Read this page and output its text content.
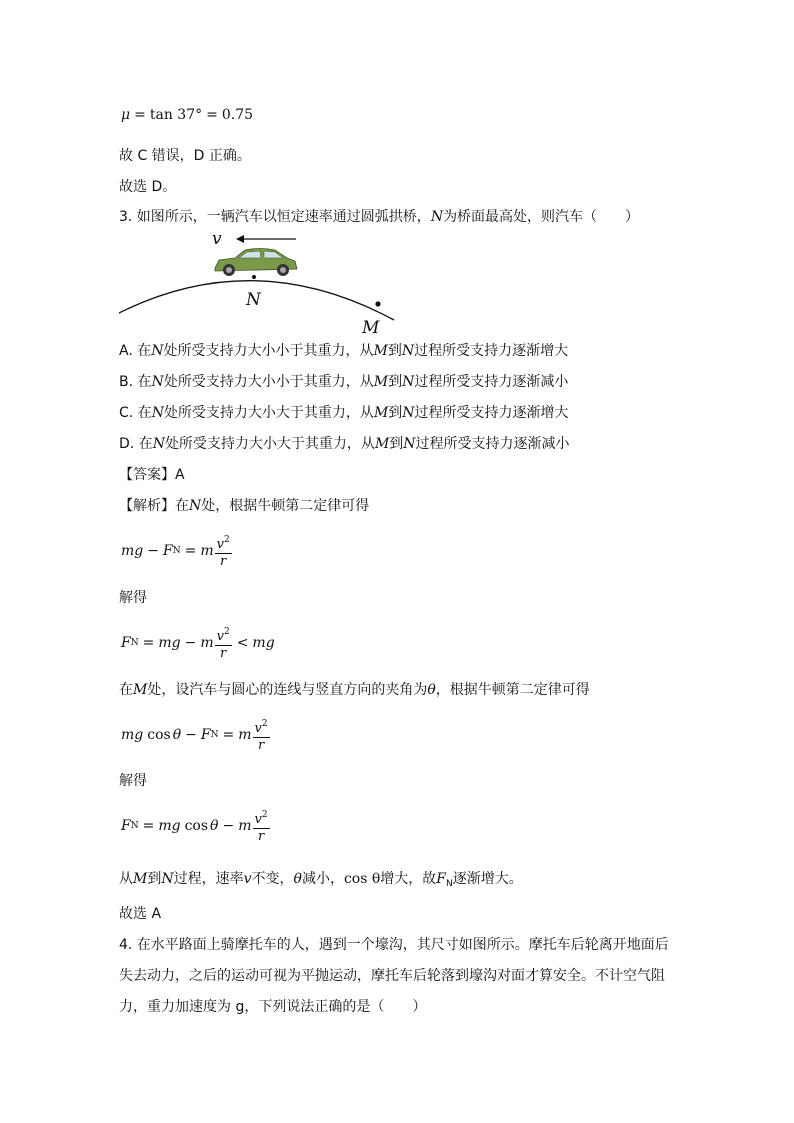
μ = tan 37° = 0.75
故 C 错误，D 正确。
故选 D。
3. 如图所示，一辆汽车以恒定速率通过圆弧拱桥，N为桥面最高处，则汽车（　　）
v
N
M
A. 在N处所受支持力大小小于其重力，从M到N过程所受支持力逐渐增大
B. 在N处所受支持力大小小于其重力，从M到N过程所受支持力逐渐减小
C. 在N处所受支持力大小大于其重力，从M到N过程所受支持力逐渐增大
D. 在N处所受支持力大小大于其重力，从M到N过程所受支持力逐渐减小
【答案】A
【解析】在N处，根据牛顿第二定律可得
mg − F N = m $\frac{v^2}{r}$
解得
F N = mg − m $\frac{v^2}{r}$ < mg
在M处，设汽车与圆心的连线与竖直方向的夹角为θ，根据牛顿第二定律可得
mg cos θ − F N = m $\frac{v^2}{r}$
解得
F N = mg cos θ − m $\frac{v^2}{r}$
从M到N过程，速率v不变，θ减小，cos θ增大，故$F_N$逐渐增大。
故选 A
4. 在水平路面上骑摩托车的人，遇到一个壕沟，其尺寸如图所示。摩托车后轮离开地面后
失去动力，之后的运动可视为平抛运动，摩托车后轮落到壕沟对面才算安全。不计空气阻
力，重力加速度为 g，下列说法正确的是（　　）
